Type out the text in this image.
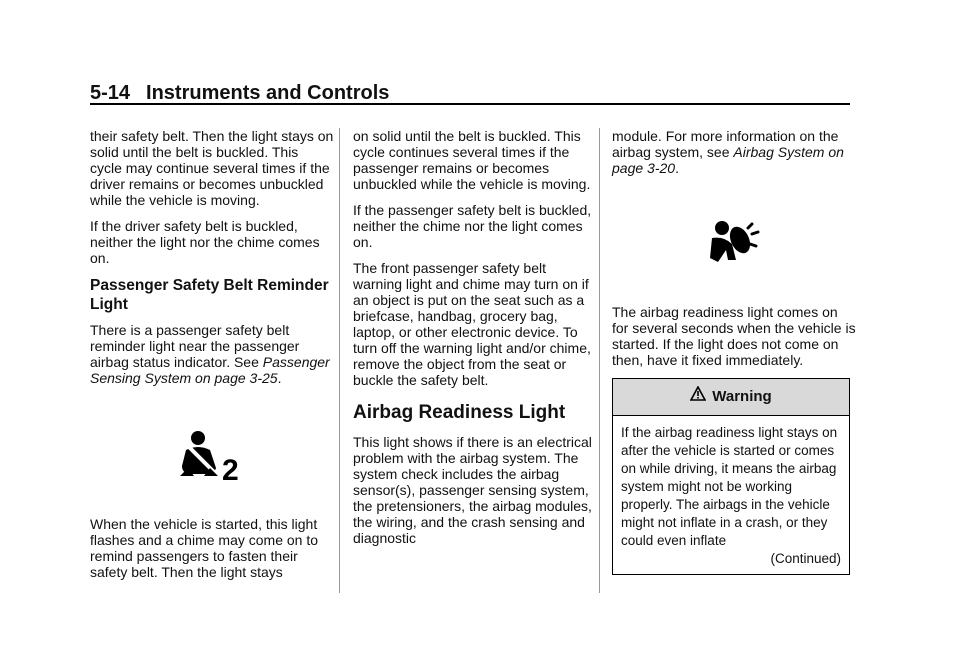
5-14 Instruments and Controls

their safety belt. Then the light stays on solid until the belt is buckled. This cycle may continue several times if the driver remains or becomes unbuckled while the vehicle is moving.

If the driver safety belt is buckled, neither the light nor the chime comes on.

Passenger Safety Belt Reminder Light

There is a passenger safety belt reminder light near the passenger airbag status indicator. See Passenger Sensing System on page 3-25.

2

When the vehicle is started, this light flashes and a chime may come on to remind passengers to fasten their safety belt. Then the light stays

on solid until the belt is buckled. This cycle continues several times if the passenger remains or becomes unbuckled while the vehicle is moving.

If the passenger safety belt is buckled, neither the chime nor the light comes on.

The front passenger safety belt warning light and chime may turn on if an object is put on the seat such as a briefcase, handbag, grocery bag, laptop, or other electronic device. To turn off the warning light and/or chime, remove the object from the seat or buckle the safety belt.

Airbag Readiness Light

This light shows if there is an electrical problem with the airbag system. The system check includes the airbag sensor(s), passenger sensing system, the pretensioners, the airbag modules, the wiring, and the crash sensing and diagnostic

module. For more information on the airbag system, see Airbag System on page 3-20.

The airbag readiness light comes on for several seconds when the vehicle is started. If the light does not come on then, have it fixed immediately.

Warning
If the airbag readiness light stays on after the vehicle is started or comes on while driving, it means the airbag system might not be working properly. The airbags in the vehicle might not inflate in a crash, or they could even inflate
(Continued)
